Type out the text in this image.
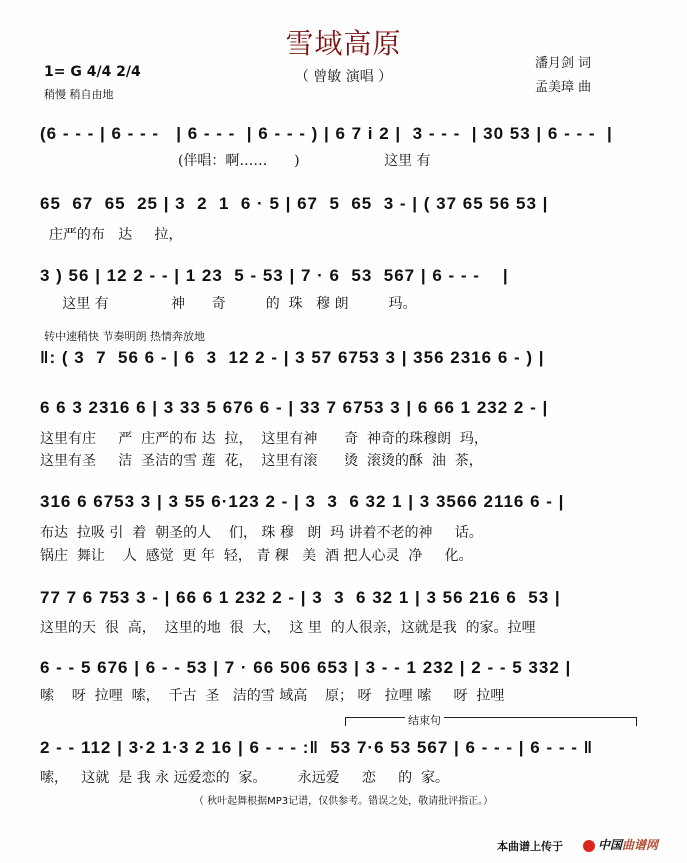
雪域高原
（ 曾敏 演唱 ）
潘月剑 词
孟美璋 曲
1= G 4/4 2/4
稍慢 稍自由地
(6 - - - | 6 - - -   | 6 - - -  | 6 - - - ) | 6 7 i 2 |  3 - - -  | 30 53 | 6 - - -  |
(伴唱：啊……      )                   这里 有
65  67  65  25 | 3  2  1  6 · 5 | 67  5  65  3 - | ( 37 65 56 53 |
庄严的布   达     拉，
3 ) 56 | 12 2 - - | 1 23  5 - 53 | 7 · 6  53  567 | 6 - - -    |
这里 有              神      奇         的  珠   穆 朗         玛。
转中速稍快 节奏明朗 热情奔放地
‖: ( 3  7  56 6 - | 6  3  12 2 - | 3 57 6753 3 | 356 2316 6 - ) |
6 6 3 2316 6 | 3 33 5 676 6 - | 33 7 6753 3 | 6 66 1 232 2 - |
这里有庄     严  庄严的布 达  拉，  这里有神      奇  神奇的珠穆朗  玛，
这里有圣     洁  圣洁的雪 莲  花，  这里有滚      烫  滚烫的酥  油  茶，
316 6 6753 3 | 3 55 6·123 2 - | 3  3  6 32 1 | 3 3566 2116 6 - |
布达  拉吸 引  着  朝圣的人    们， 珠 穆   朗  玛 讲着不老的神     话。
锅庄  舞让    人  感觉  更 年  轻， 青 稞   美  酒 把人心灵  净     化。
77 7 6 753 3 - | 66 6 1 232 2 - | 3  3  6 32 1 | 3 56 216 6  53 |
这里的天  很  高，  这里的地  很  大，  这 里  的人很亲，这就是我  的家。拉哩
6 - - 5 676 | 6 - - 53 | 7 · 66 506 653 | 3 - - 1 232 | 2 - - 5 332 |
嗦    呀  拉哩  嗦，  千古  圣   洁的雪 域高    原； 呀   拉哩 嗦     呀  拉哩
结束句
2 - - 112 | 3·2 1·3 2 16 | 6 - - - :‖  53 7·6 53 567 | 6 - - - | 6 - - - ‖
嗦，   这就  是 我 永 远爱恋的  家。       永远爱     恋     的  家。
（ 秋叶起舞根据MP3记谱，仅供参考。错误之处，敬请批评指正。）
本曲谱上传于	中国曲谱网
